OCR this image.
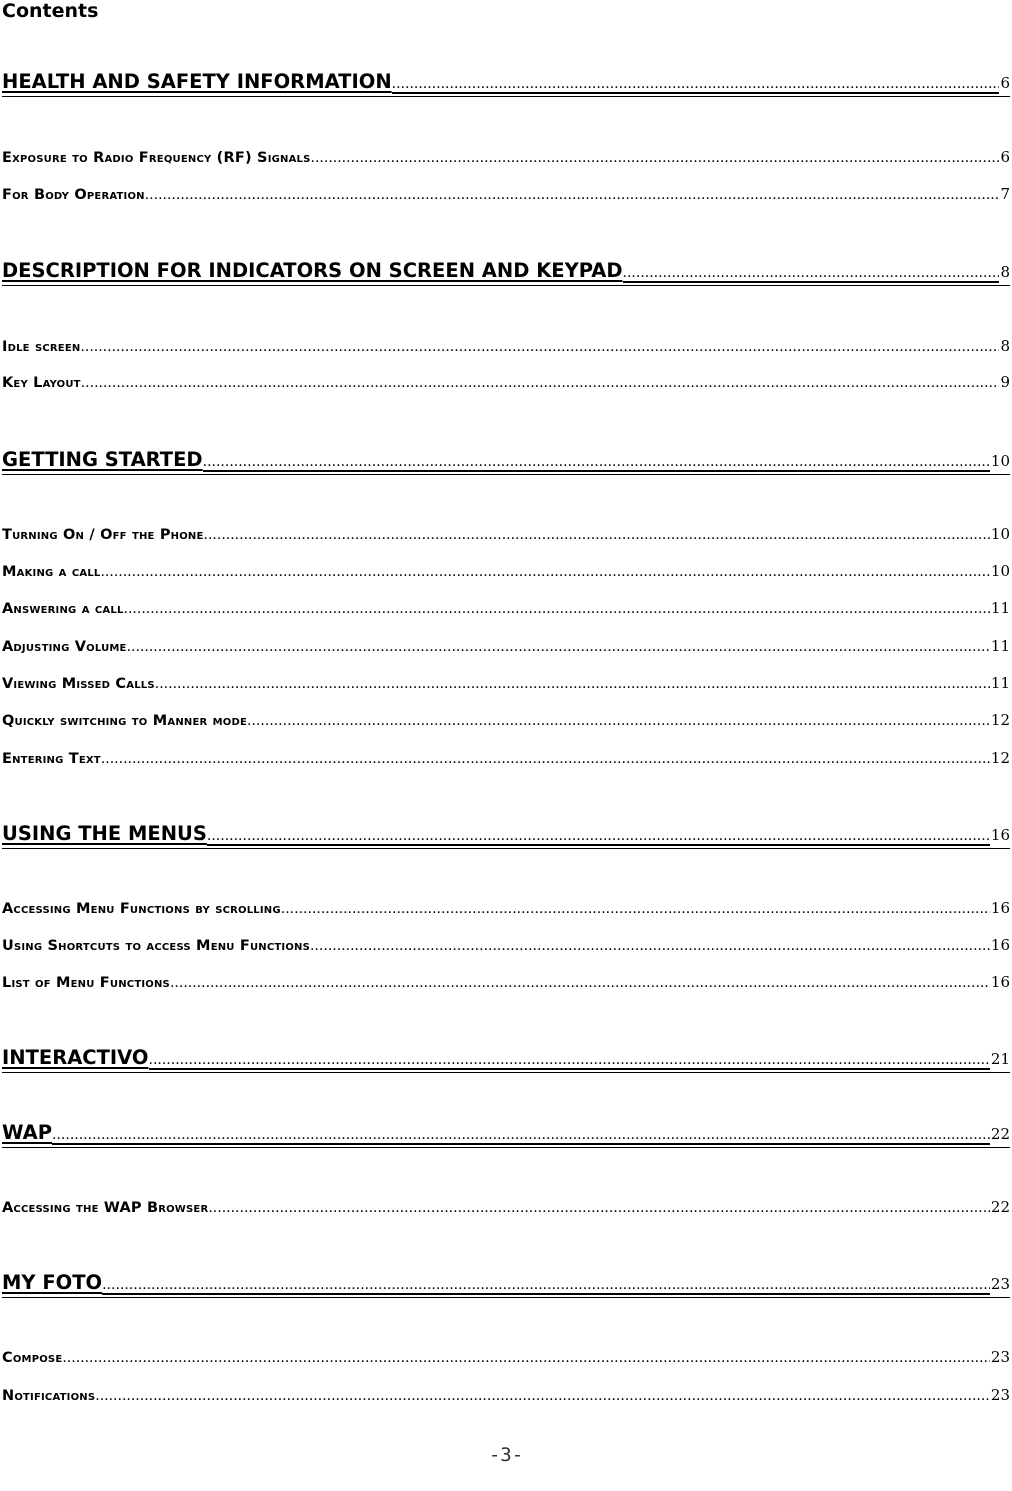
Contents
HEALTH AND SAFETY INFORMATION .....	6
Exposure to Radio Frequency (RF) Signals .....	6
For Body Operation .....	7
DESCRIPTION FOR INDICATORS ON SCREEN AND KEYPAD .....	8
Idle screen .....	8
Key Layout .....	9
GETTING STARTED .....	10
Turning On / Off the Phone .....	10
Making a call .....	10
Answering a call .....	11
Adjusting Volume .....	11
Viewing Missed Calls .....	11
Quickly switching to Manner mode .....	12
Entering Text .....	12
USING THE MENUS .....	16
Accessing Menu Functions by scrolling .....	16
Using Shortcuts to access Menu Functions .....	16
List of Menu Functions .....	16
INTERACTIVO .....	21
WAP .....	22
Accessing the WAP Browser .....	22
MY FOTO .....	23
Compose .....	23
Notifications .....	23
-3-
